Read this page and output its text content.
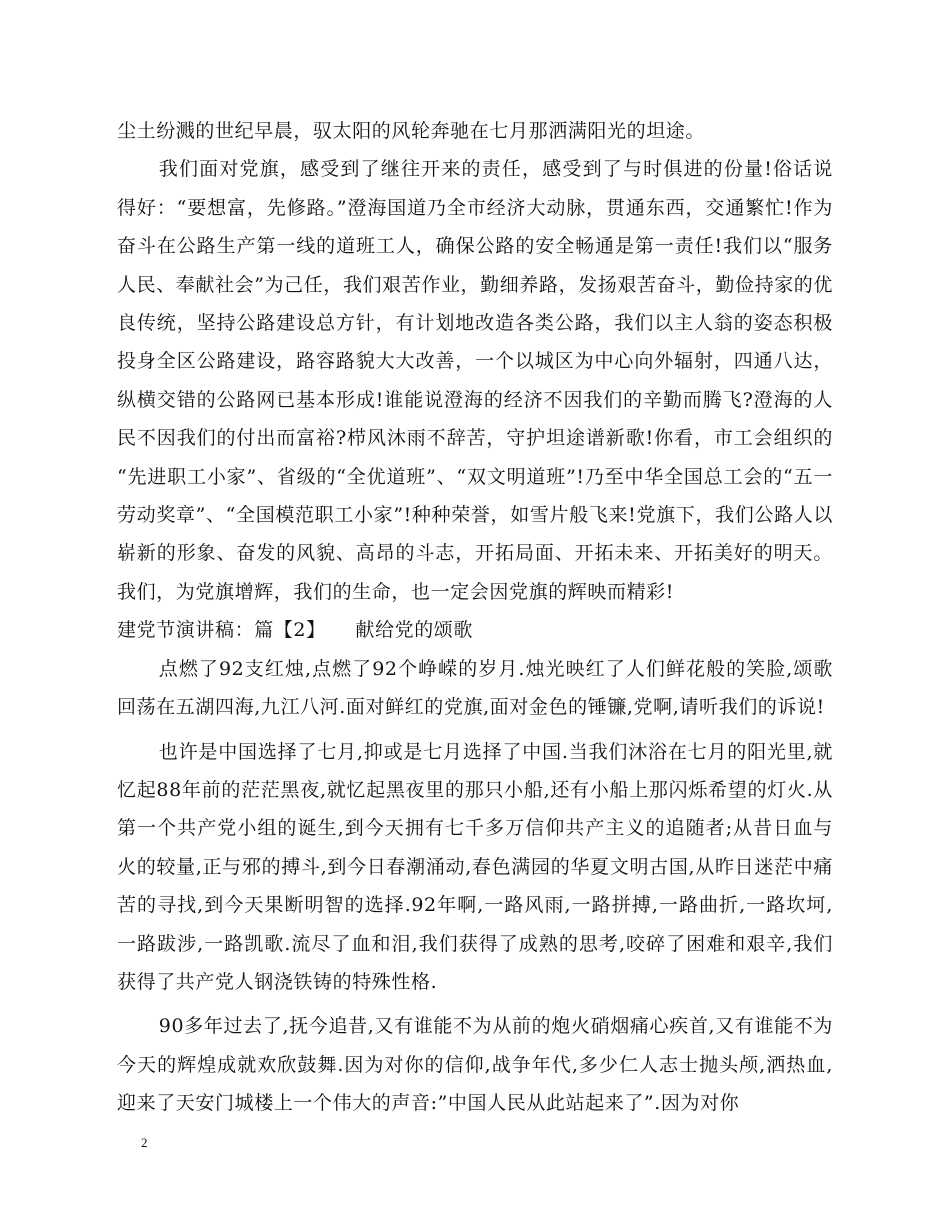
尘土纷溅的世纪早晨，驭太阳的风轮奔驰在七月那洒满阳光的坦途。

我们面对党旗，感受到了继往开来的责任，感受到了与时俱进的份量!俗话说得好：“要想富，先修路。”澄海国道乃全市经济大动脉，贯通东西，交通繁忙!作为奋斗在公路生产第一线的道班工人，确保公路的安全畅通是第一责任!我们以“服务人民、奉献社会”为己任，我们艰苦作业，勤细养路，发扬艰苦奋斗，勤俭持家的优良传统，坚持公路建设总方针，有计划地改造各类公路，我们以主人翁的姿态积极投身全区公路建设，路容路貌大大改善，一个以城区为中心向外辐射，四通八达，纵横交错的公路网已基本形成!谁能说澄海的经济不因我们的辛勤而腾飞?澄海的人民不因我们的付出而富裕?栉风沐雨不辞苦，守护坦途谱新歌!你看，市工会组织的 “先进职工小家”、省级的“全优道班”、“双文明道班”!乃至中华全国总工会的“五一劳动奖章”、“全国模范职工小家”!种种荣誉，如雪片般飞来!党旗下，我们公路人以崭新的形象、奋发的风貌、高昂的斗志，开拓局面、开拓未来、开拓美好的明天。我们，为党旗增辉，我们的生命，也一定会因党旗的辉映而精彩!

建党节演讲稿：篇【2】　　献给党的颂歌

点燃了92支红烛,点燃了92个峥嵘的岁月.烛光映红了人们鲜花般的笑脸,颂歌回荡在五湖四海,九江八河.面对鲜红的党旗,面对金色的锤镰,党啊,请听我们的诉说!

也许是中国选择了七月,抑或是七月选择了中国.当我们沐浴在七月的阳光里,就忆起88年前的茫茫黑夜,就忆起黑夜里的那只小船,还有小船上那闪烁希望的灯火.从第一个共产党小组的诞生,到今天拥有七千多万信仰共产主义的追随者;从昔日血与火的较量,正与邪的搏斗,到今日春潮涌动,春色满园的华夏文明古国,从昨日迷茫中痛苦的寻找,到今天果断明智的选择.92年啊,一路风雨,一路拼搏,一路曲折,一路坎坷,一路跋涉,一路凯歌.流尽了血和泪,我们获得了成熟的思考,咬碎了困难和艰辛,我们获得了共产党人钢浇铁铸的特殊性格.

90多年过去了,抚今追昔,又有谁能不为从前的炮火硝烟痛心疾首,又有谁能不为今天的辉煌成就欢欣鼓舞.因为对你的信仰,战争年代,多少仁人志士抛头颅,洒热血,迎来了天安门城楼上一个伟大的声音:”中国人民从此站起来了”.因为对你

2
